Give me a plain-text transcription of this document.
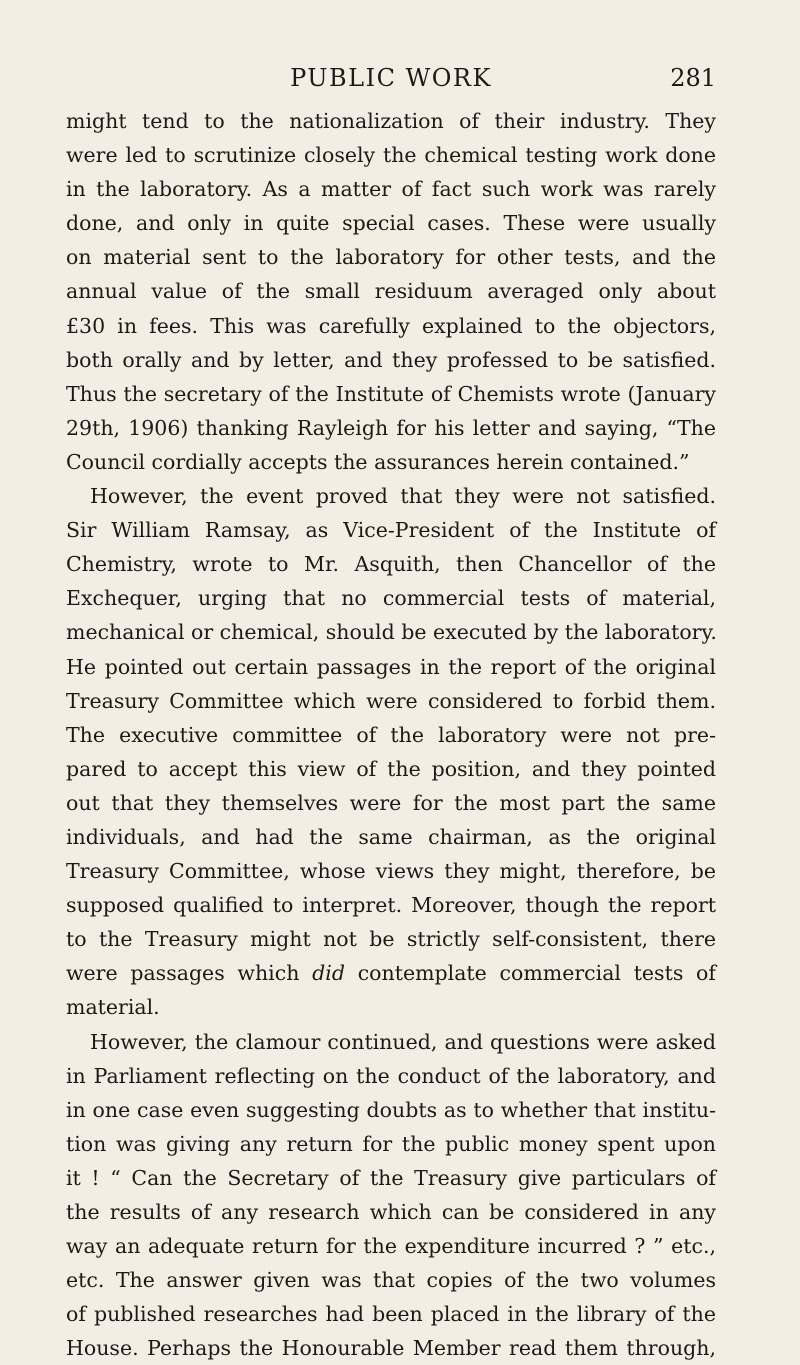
PUBLIC WORK	281
might tend to the nationalization of their industry. They
were led to scrutinize closely the chemical testing work done
in the laboratory. As a matter of fact such work was rarely
done, and only in quite special cases. These were usually
on material sent to the laboratory for other tests, and the
annual value of the small residuum averaged only about
£30 in fees. This was carefully explained to the objectors,
both orally and by letter, and they professed to be satisfied.
Thus the secretary of the Institute of Chemists wrote (January
29th, 1906) thanking Rayleigh for his letter and saying, “The
Council cordially accepts the assurances herein contained.”
However, the event proved that they were not satisfied.
Sir William Ramsay, as Vice-President of the Institute of
Chemistry, wrote to Mr. Asquith, then Chancellor of the
Exchequer, urging that no commercial tests of material,
mechanical or chemical, should be executed by the laboratory.
He pointed out certain passages in the report of the original
Treasury Committee which were considered to forbid them.
The executive committee of the laboratory were not pre-
pared to accept this view of the position, and they pointed
out that they themselves were for the most part the same
individuals, and had the same chairman, as the original
Treasury Committee, whose views they might, therefore, be
supposed qualified to interpret. Moreover, though the report
to the Treasury might not be strictly self-consistent, there
were passages which did contemplate commercial tests of
material.
However, the clamour continued, and questions were asked
in Parliament reflecting on the conduct of the laboratory, and
in one case even suggesting doubts as to whether that institu-
tion was giving any return for the public money spent upon
it ! “ Can the Secretary of the Treasury give particulars of
the results of any research which can be considered in any
way an adequate return for the expenditure incurred ? ” etc.,
etc. The answer given was that copies of the two volumes
of published researches had been placed in the library of the
House. Perhaps the Honourable Member read them through,
